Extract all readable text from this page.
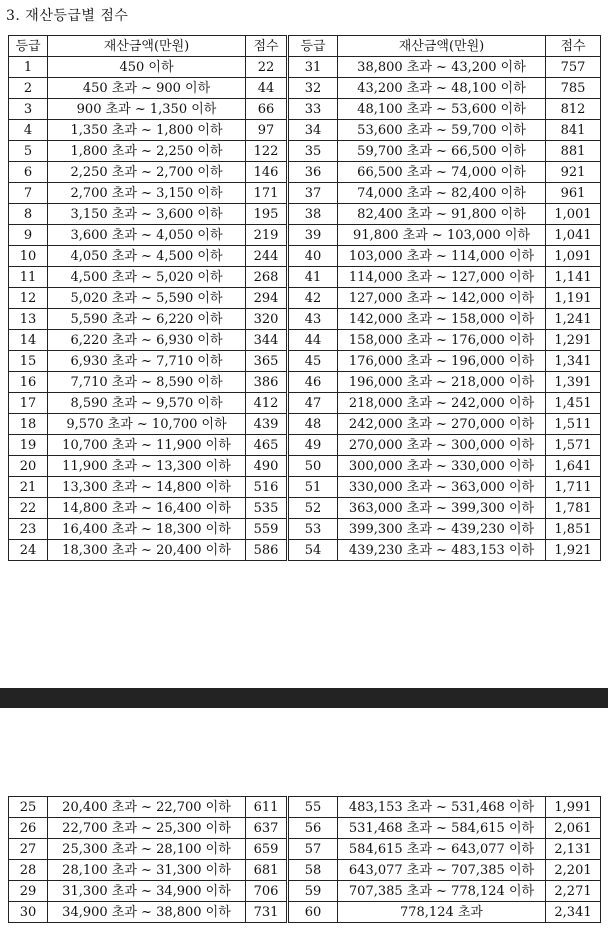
3. 재산등급별 점수
등급	재산금액(만원)	점수	등급	재산금액(만원)	점수
1	450 이하	22	31	38,800 초과 ~ 43,200 이하	757
2	450 초과 ~ 900 이하	44	32	43,200 초과 ~ 48,100 이하	785
3	900 초과 ~ 1,350 이하	66	33	48,100 초과 ~ 53,600 이하	812
4	1,350 초과 ~ 1,800 이하	97	34	53,600 초과 ~ 59,700 이하	841
5	1,800 초과 ~ 2,250 이하	122	35	59,700 초과 ~ 66,500 이하	881
6	2,250 초과 ~ 2,700 이하	146	36	66,500 초과 ~ 74,000 이하	921
7	2,700 초과 ~ 3,150 이하	171	37	74,000 초과 ~ 82,400 이하	961
8	3,150 초과 ~ 3,600 이하	195	38	82,400 초과 ~ 91,800 이하	1,001
9	3,600 초과 ~ 4,050 이하	219	39	91,800 초과 ~ 103,000 이하	1,041
10	4,050 초과 ~ 4,500 이하	244	40	103,000 초과 ~ 114,000 이하	1,091
11	4,500 초과 ~ 5,020 이하	268	41	114,000 초과 ~ 127,000 이하	1,141
12	5,020 초과 ~ 5,590 이하	294	42	127,000 초과 ~ 142,000 이하	1,191
13	5,590 초과 ~ 6,220 이하	320	43	142,000 초과 ~ 158,000 이하	1,241
14	6,220 초과 ~ 6,930 이하	344	44	158,000 초과 ~ 176,000 이하	1,291
15	6,930 초과 ~ 7,710 이하	365	45	176,000 초과 ~ 196,000 이하	1,341
16	7,710 초과 ~ 8,590 이하	386	46	196,000 초과 ~ 218,000 이하	1,391
17	8,590 초과 ~ 9,570 이하	412	47	218,000 초과 ~ 242,000 이하	1,451
18	9,570 초과 ~ 10,700 이하	439	48	242,000 초과 ~ 270,000 이하	1,511
19	10,700 초과 ~ 11,900 이하	465	49	270,000 초과 ~ 300,000 이하	1,571
20	11,900 초과 ~ 13,300 이하	490	50	300,000 초과 ~ 330,000 이하	1,641
21	13,300 초과 ~ 14,800 이하	516	51	330,000 초과 ~ 363,000 이하	1,711
22	14,800 초과 ~ 16,400 이하	535	52	363,000 초과 ~ 399,300 이하	1,781
23	16,400 초과 ~ 18,300 이하	559	53	399,300 초과 ~ 439,230 이하	1,851
24	18,300 초과 ~ 20,400 이하	586	54	439,230 초과 ~ 483,153 이하	1,921
25	20,400 초과 ~ 22,700 이하	611	55	483,153 초과 ~ 531,468 이하	1,991
26	22,700 초과 ~ 25,300 이하	637	56	531,468 초과 ~ 584,615 이하	2,061
27	25,300 초과 ~ 28,100 이하	659	57	584,615 초과 ~ 643,077 이하	2,131
28	28,100 초과 ~ 31,300 이하	681	58	643,077 초과 ~ 707,385 이하	2,201
29	31,300 초과 ~ 34,900 이하	706	59	707,385 초과 ~ 778,124 이하	2,271
30	34,900 초과 ~ 38,800 이하	731	60	778,124 초과	2,341
